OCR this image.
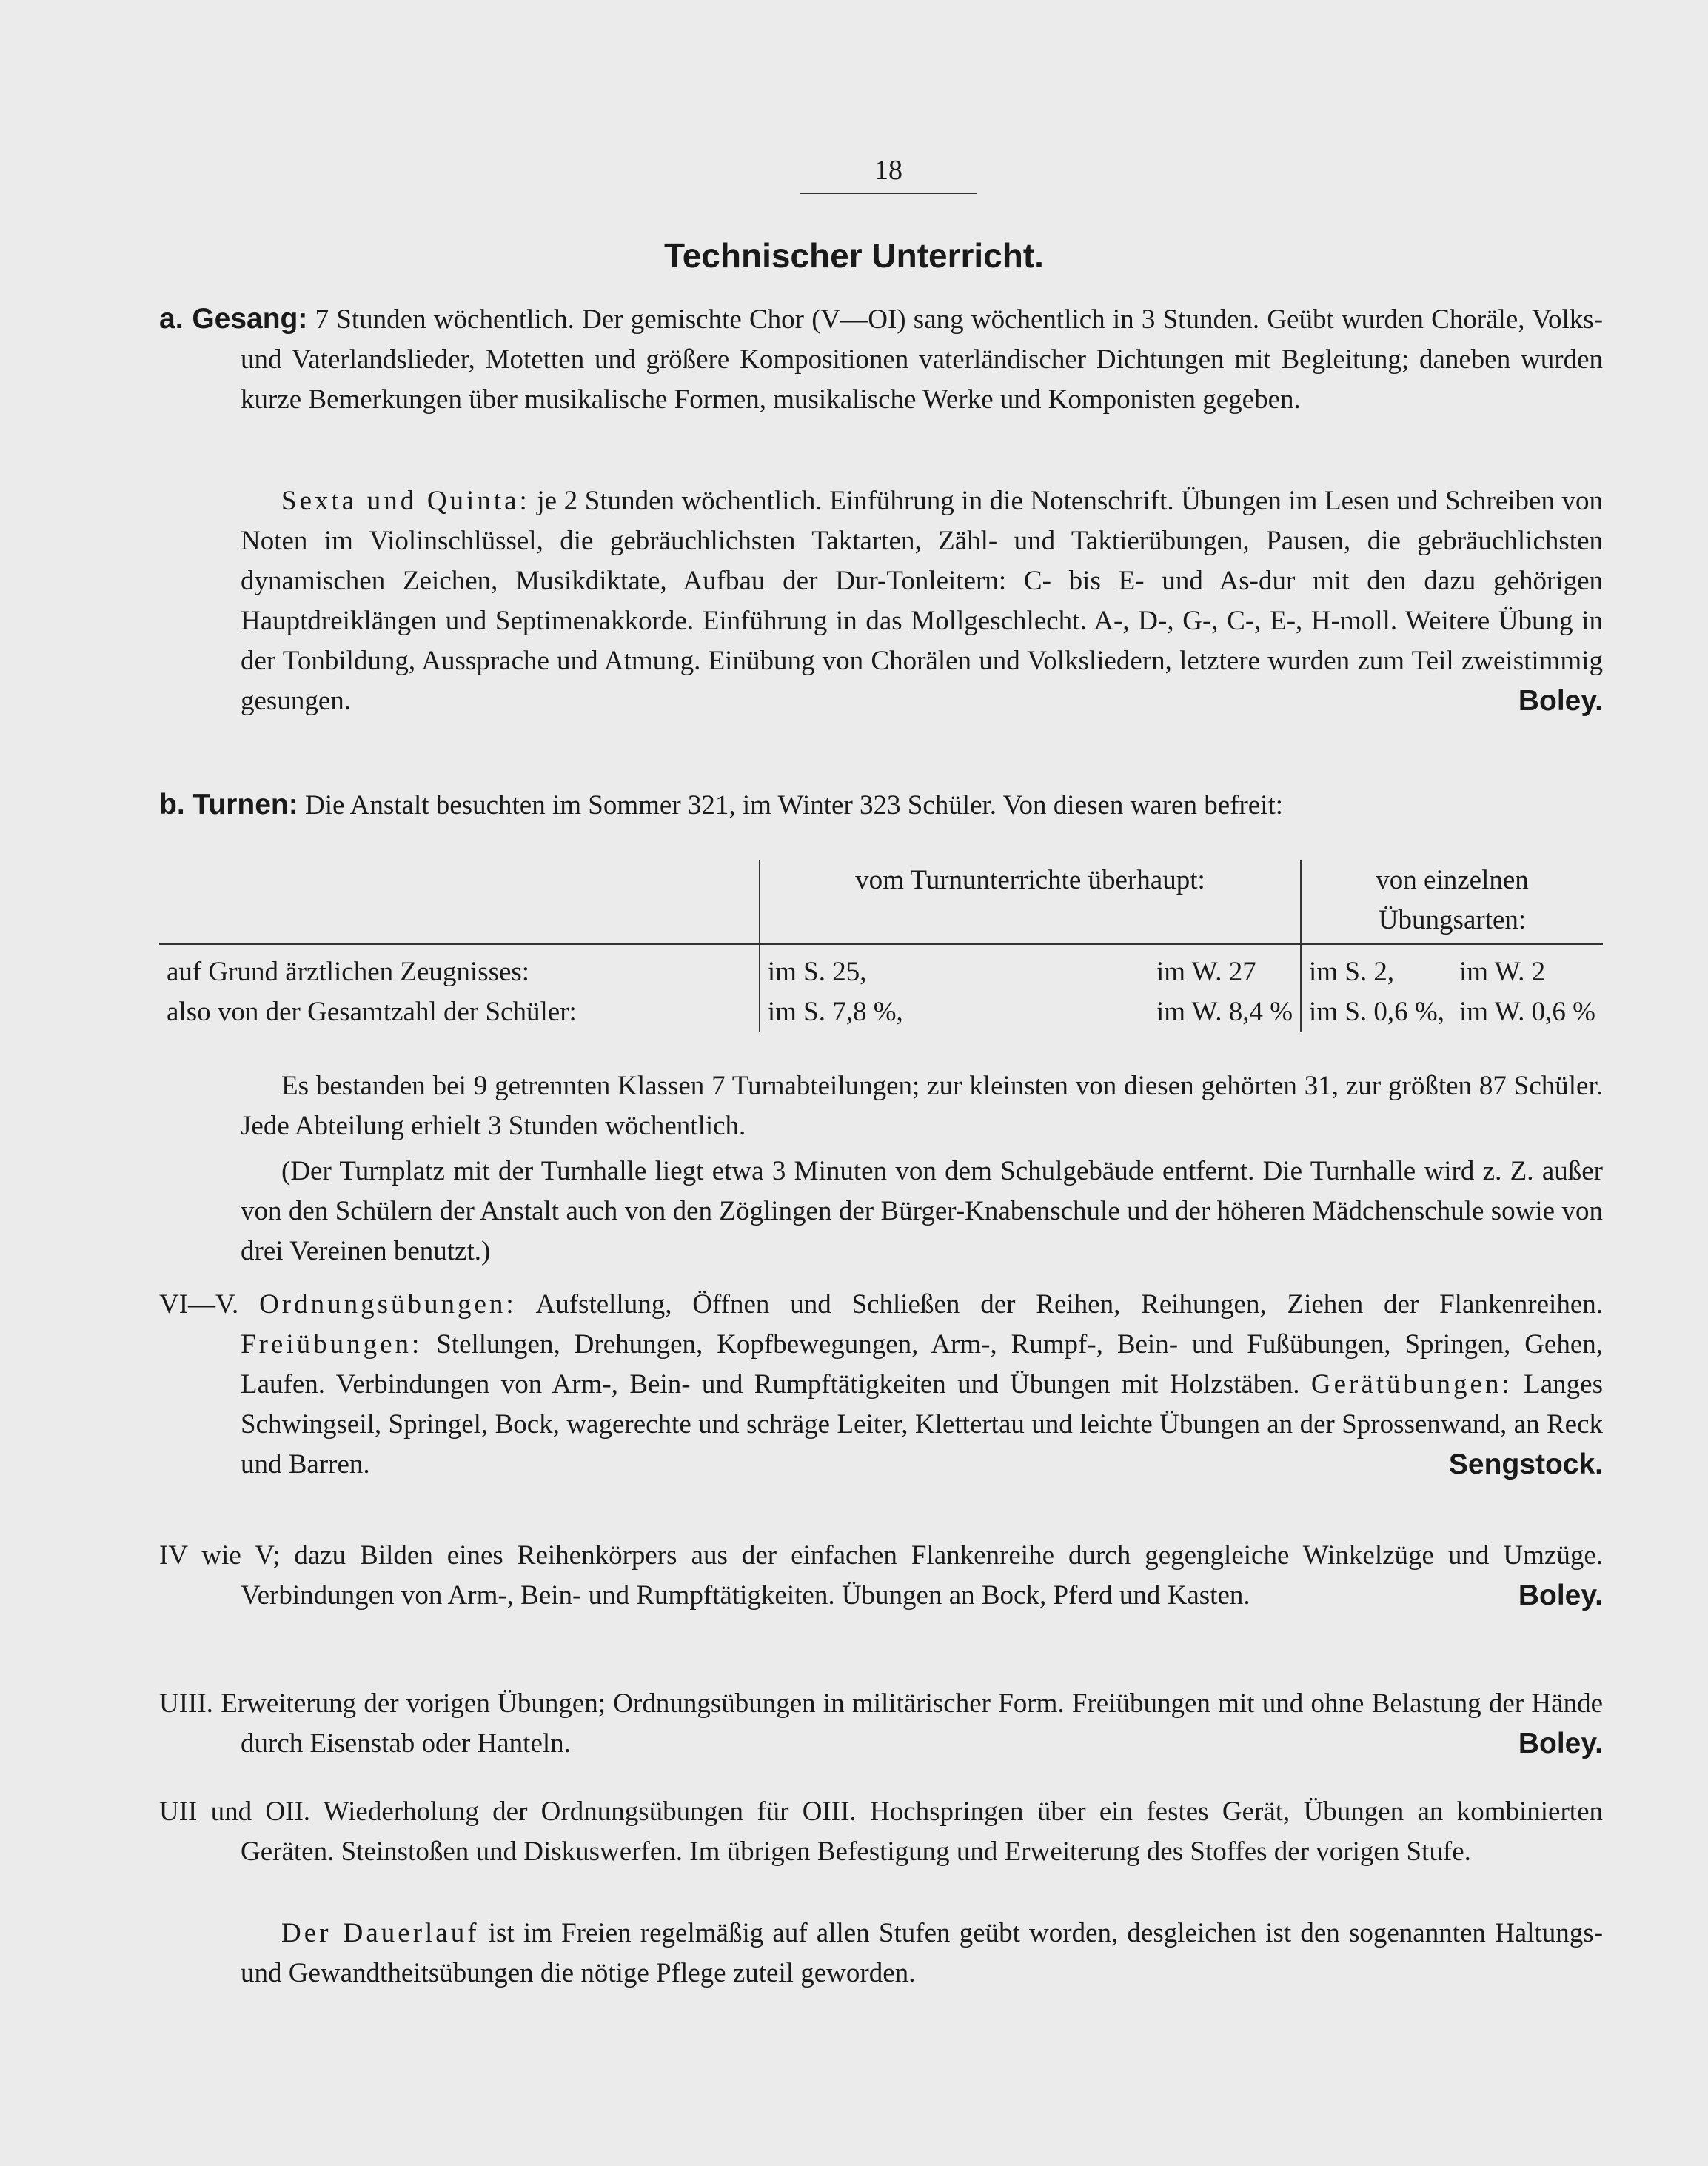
18
Technischer Unterricht.

a. Gesang: 7 Stunden wöchentlich. Der gemischte Chor (V—OI) sang wöchentlich in 3 Stunden. Geübt wurden Choräle, Volks- und Vaterlandslieder, Motetten und größere Kompositionen vaterländischer Dichtungen mit Begleitung; daneben wurden kurze Bemerkungen über musikalische Formen, musikalische Werke und Komponisten gegeben.

Sexta und Quinta: je 2 Stunden wöchentlich. Einführung in die Notenschrift. Übungen im Lesen und Schreiben von Noten im Violinschlüssel, die gebräuchlichsten Taktarten, Zähl- und Taktierübungen, Pausen, die gebräuchlichsten dynamischen Zeichen, Musikdiktate, Aufbau der Dur-Tonleitern: C- bis E- und As-dur mit den dazu gehörigen Hauptdreiklängen und Septimenakkorde. Einführung in das Mollgeschlecht. A-, D-, G-, C-, E-, H-moll. Weitere Übung in der Tonbildung, Aussprache und Atmung. Einübung von Chorälen und Volksliedern, letztere wurden zum Teil zweistimmig gesungen.	Boley.

b. Turnen: Die Anstalt besuchten im Sommer 321, im Winter 323 Schüler. Von diesen waren befreit:

	vom Turnunterrichte überhaupt:		von einzelnen Übungsarten:	
auf Grund ärztlichen Zeugnisses:	im S. 25,	im W. 27	im S. 2,	im W. 2
also von der Gesamtzahl der Schüler:	im S. 7,8 %,	im W. 8,4 %	im S. 0,6 %,	im W. 0,6 %

Es bestanden bei 9 getrennten Klassen 7 Turnabteilungen; zur kleinsten von diesen gehörten 31, zur größten 87 Schüler. Jede Abteilung erhielt 3 Stunden wöchentlich.

(Der Turnplatz mit der Turnhalle liegt etwa 3 Minuten von dem Schulgebäude entfernt. Die Turnhalle wird z. Z. außer von den Schülern der Anstalt auch von den Zöglingen der Bürger-Knabenschule und der höheren Mädchenschule sowie von drei Vereinen benutzt.)

VI—V. Ordnungsübungen: Aufstellung, Öffnen und Schließen der Reihen, Reihungen, Ziehen der Flankenreihen. Freiübungen: Stellungen, Drehungen, Kopfbewegungen, Arm-, Rumpf-, Bein- und Fußübungen, Springen, Gehen, Laufen. Verbindungen von Arm-, Bein- und Rumpftätigkeiten und Übungen mit Holzstäben. Gerätübungen: Langes Schwingseil, Springel, Bock, wagerechte und schräge Leiter, Klettertau und leichte Übungen an der Sprossenwand, an Reck und Barren.	Sengstock.

IV wie V; dazu Bilden eines Reihenkörpers aus der einfachen Flankenreihe durch gegengleiche Winkelzüge und Umzüge. Verbindungen von Arm-, Bein- und Rumpftätigkeiten. Übungen an Bock, Pferd und Kasten.	Boley.

UIII. Erweiterung der vorigen Übungen; Ordnungsübungen in militärischer Form. Freiübungen mit und ohne Belastung der Hände durch Eisenstab oder Hanteln.	Boley.

UII und OII. Wiederholung der Ordnungsübungen für OIII. Hochspringen über ein festes Gerät, Übungen an kombinierten Geräten. Steinstoßen und Diskuswerfen. Im übrigen Befestigung und Erweiterung des Stoffes der vorigen Stufe.

Der Dauerlauf ist im Freien regelmäßig auf allen Stufen geübt worden, desgleichen ist den sogenannten Haltungs- und Gewandtheitsübungen die nötige Pflege zuteil geworden.
